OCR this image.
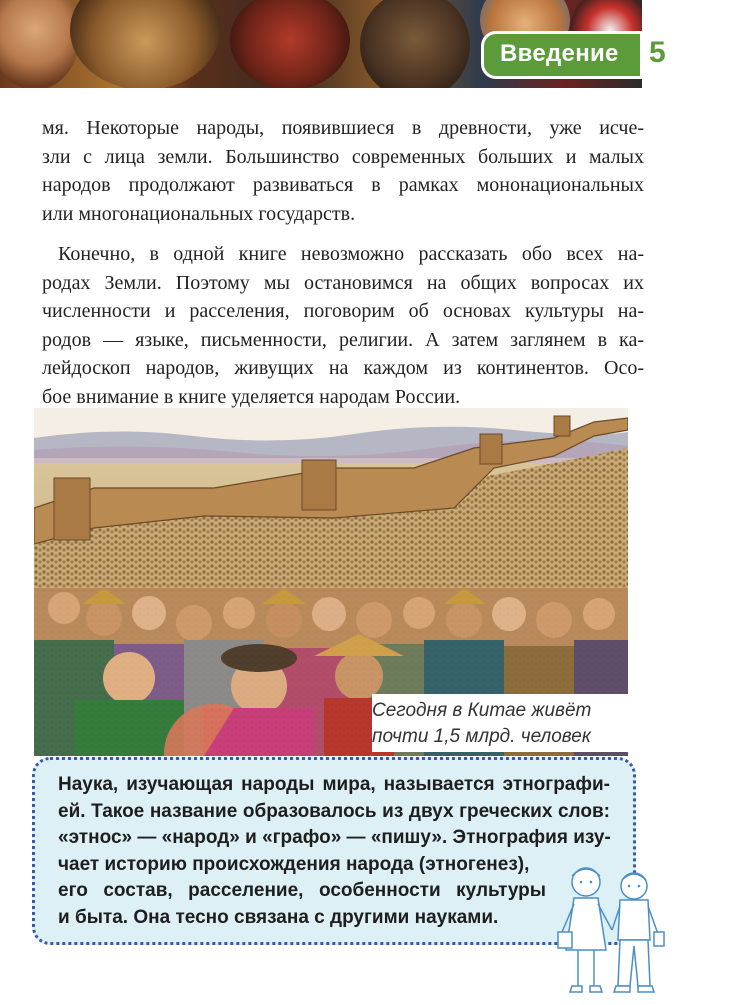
Введение 5
мя. Некоторые народы, появившиеся в древности, уже исче-
зли с лица земли. Большинство современных больших и малых
народов продолжают развиваться в рамках мононациональных
или многонациональных государств.
Конечно, в одной книге невозможно рассказать обо всех на-
родах Земли. Поэтому мы остановимся на общих вопросах их
численности и расселения, поговорим об основах культуры на-
родов — языке, письменности, религии. А затем заглянем в ка-
лейдоскоп народов, живущих на каждом из континентов. Осо-
бое внимание в книге уделяется народам России.
Сегодня в Китае живёт
почти 1,5 млрд. человек
Наука, изучающая народы мира, называется этнографи-
ей. Такое название образовалось из двух греческих слов:
«этнос» — «народ» и «графо» — «пишу». Этнография изу-
чает историю происхождения народа (этногенез),
его состав, расселение, особенности культуры
и быта. Она тесно связана с другими науками.
